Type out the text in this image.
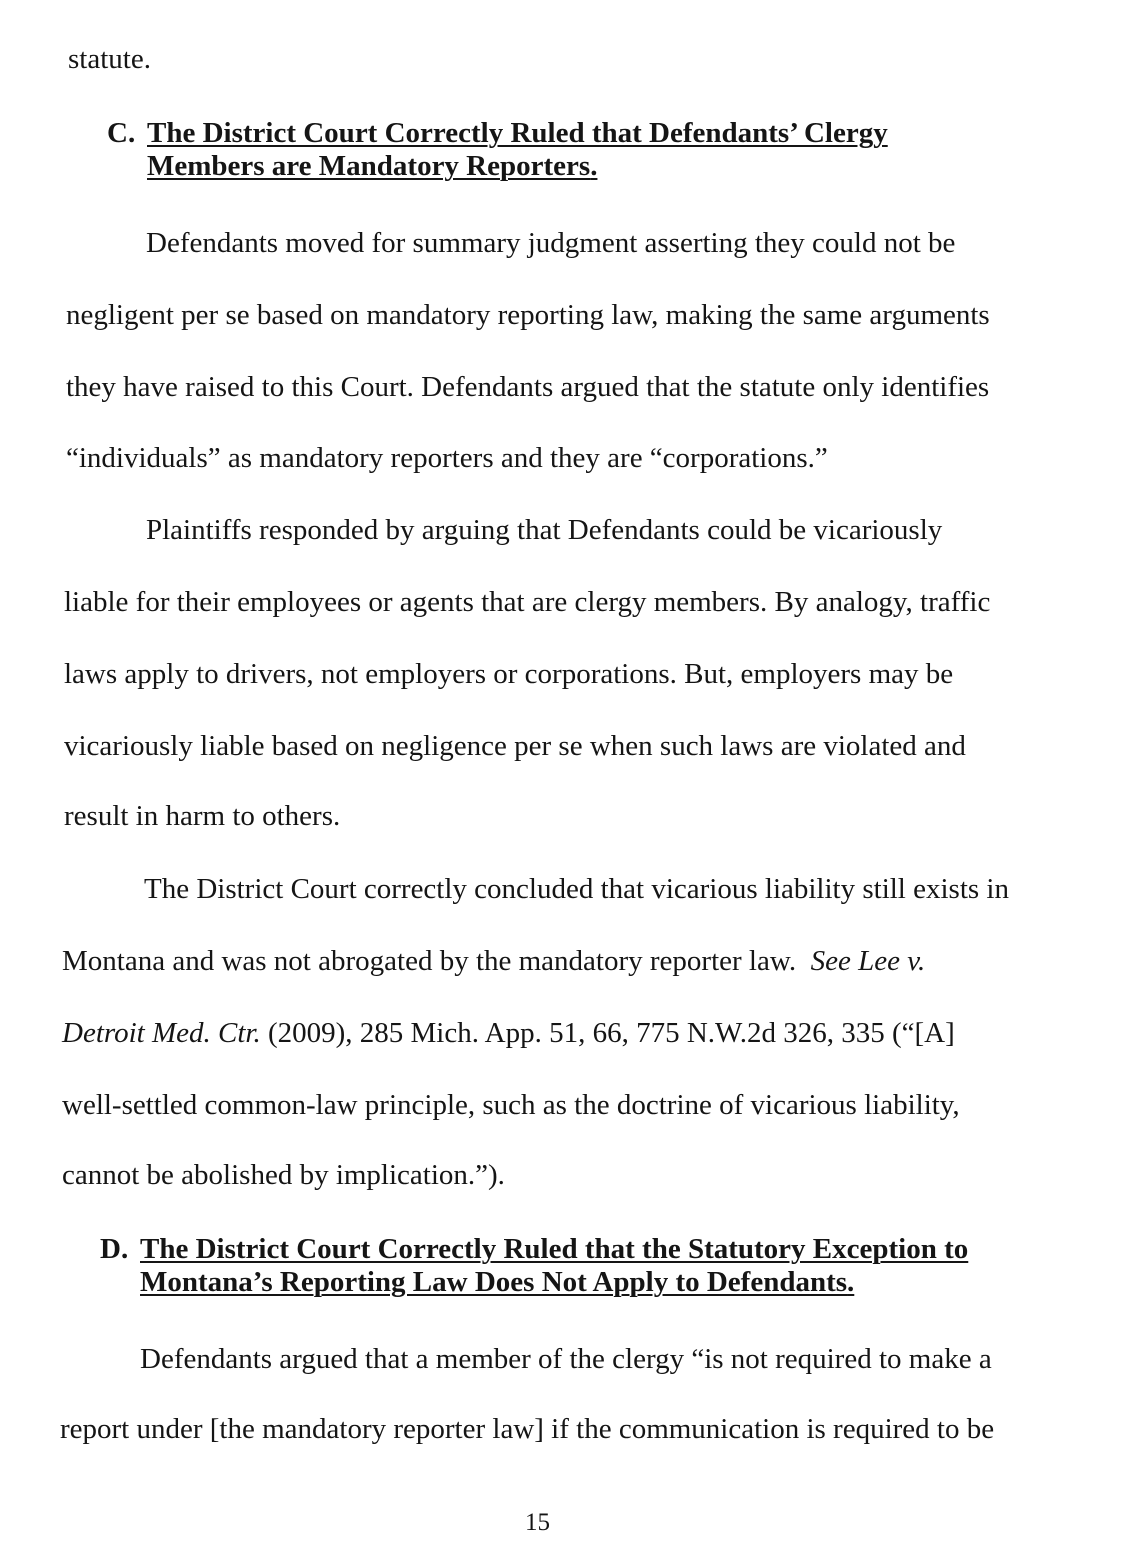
statute.
C. The District Court Correctly Ruled that Defendants’ Clergy
Members are Mandatory Reporters.
Defendants moved for summary judgment asserting they could not be
negligent per se based on mandatory reporting law, making the same arguments
they have raised to this Court. Defendants argued that the statute only identifies
“individuals” as mandatory reporters and they are “corporations.”
Plaintiffs responded by arguing that Defendants could be vicariously
liable for their employees or agents that are clergy members. By analogy, traffic
laws apply to drivers, not employers or corporations. But, employers may be
vicariously liable based on negligence per se when such laws are violated and
result in harm to others.
The District Court correctly concluded that vicarious liability still exists in
Montana and was not abrogated by the mandatory reporter law.  See Lee v.
Detroit Med. Ctr. (2009), 285 Mich. App. 51, 66, 775 N.W.2d 326, 335 (“[A]
well-settled common-law principle, such as the doctrine of vicarious liability,
cannot be abolished by implication.”).
D. The District Court Correctly Ruled that the Statutory Exception to
Montana’s Reporting Law Does Not Apply to Defendants.
Defendants argued that a member of the clergy “is not required to make a
report under [the mandatory reporter law] if the communication is required to be
15
